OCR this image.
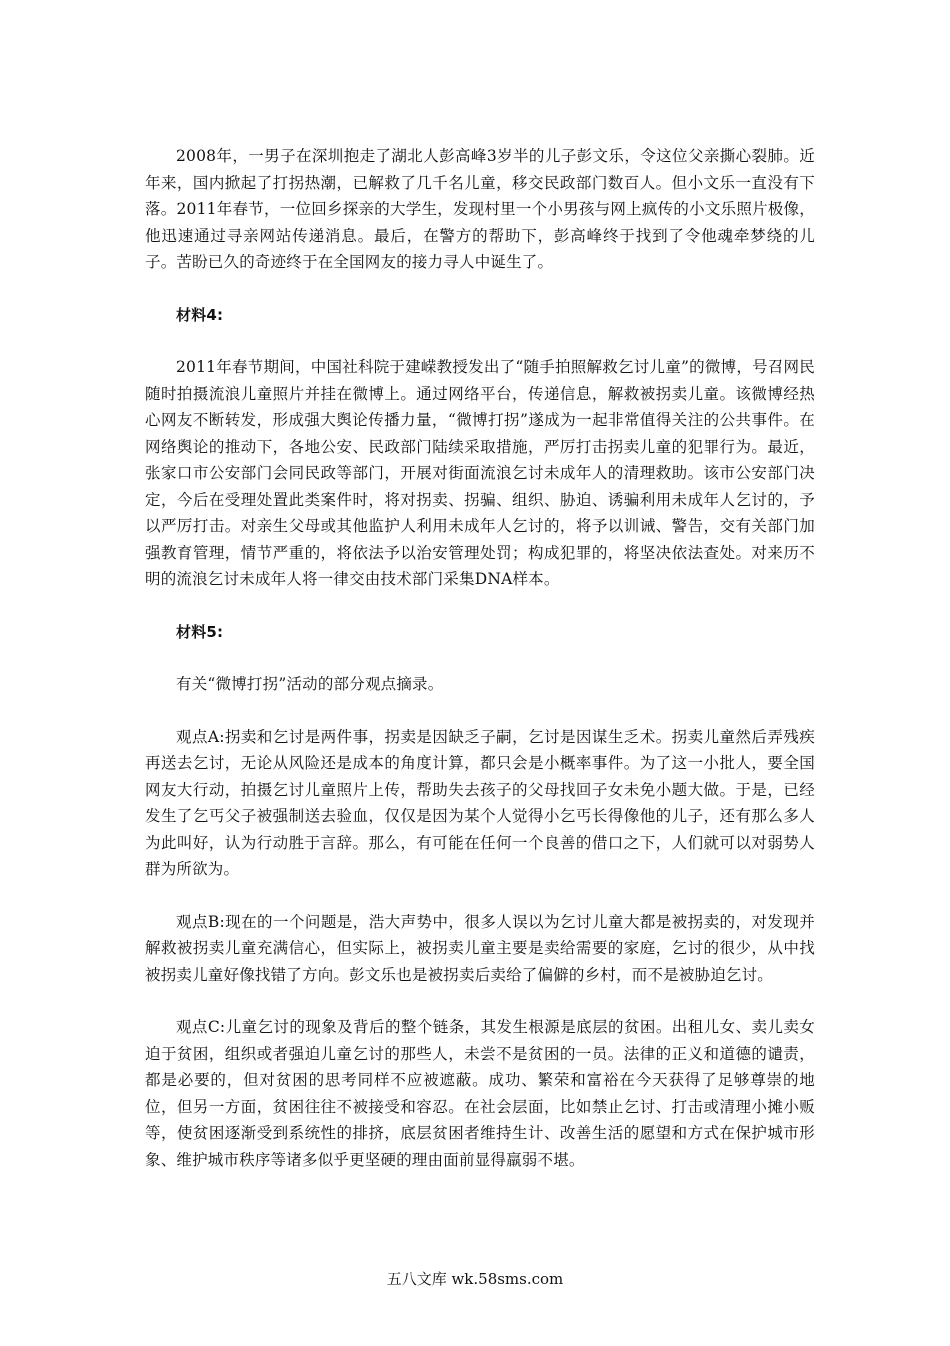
2008年，一男子在深圳抱走了湖北人彭高峰3岁半的儿子彭文乐，令这位父亲撕心裂肺。近年来，国内掀起了打拐热潮，已解救了几千名儿童，移交民政部门数百人。但小文乐一直没有下落。2011年春节，一位回乡探亲的大学生，发现村里一个小男孩与网上疯传的小文乐照片极像，他迅速通过寻亲网站传递消息。最后，在警方的帮助下，彭高峰终于找到了令他魂牵梦绕的儿子。苦盼已久的奇迹终于在全国网友的接力寻人中诞生了。

材料4:

2011年春节期间，中国社科院于建嵘教授发出了“随手拍照解救乞讨儿童”的微博，号召网民随时拍摄流浪儿童照片并挂在微博上。通过网络平台，传递信息，解救被拐卖儿童。该微博经热心网友不断转发，形成强大舆论传播力量，“微博打拐”遂成为一起非常值得关注的公共事件。在网络舆论的推动下，各地公安、民政部门陆续采取措施，严厉打击拐卖儿童的犯罪行为。最近，张家口市公安部门会同民政等部门，开展对街面流浪乞讨未成年人的清理救助。该市公安部门决定，今后在受理处置此类案件时，将对拐卖、拐骗、组织、胁迫、诱骗利用未成年人乞讨的，予以严厉打击。对亲生父母或其他监护人利用未成年人乞讨的，将予以训诫、警告，交有关部门加强教育管理，情节严重的，将依法予以治安管理处罚；构成犯罪的，将坚决依法查处。对来历不明的流浪乞讨未成年人将一律交由技术部门采集DNA样本。

材料5:

有关“微博打拐”活动的部分观点摘录。

观点A:拐卖和乞讨是两件事，拐卖是因缺乏子嗣，乞讨是因谋生乏术。拐卖儿童然后弄残疾再送去乞讨，无论从风险还是成本的角度计算，都只会是小概率事件。为了这一小批人，要全国网友大行动，拍摄乞讨儿童照片上传，帮助失去孩子的父母找回子女未免小题大做。于是，已经发生了乞丐父子被强制送去验血，仅仅是因为某个人觉得小乞丐长得像他的儿子，还有那么多人为此叫好，认为行动胜于言辞。那么，有可能在任何一个良善的借口之下，人们就可以对弱势人群为所欲为。

观点B:现在的一个问题是，浩大声势中，很多人误以为乞讨儿童大都是被拐卖的，对发现并解救被拐卖儿童充满信心，但实际上，被拐卖儿童主要是卖给需要的家庭，乞讨的很少，从中找被拐卖儿童好像找错了方向。彭文乐也是被拐卖后卖给了偏僻的乡村，而不是被胁迫乞讨。

观点C:儿童乞讨的现象及背后的整个链条，其发生根源是底层的贫困。出租儿女、卖儿卖女迫于贫困，组织或者强迫儿童乞讨的那些人，未尝不是贫困的一员。法律的正义和道德的谴责，都是必要的，但对贫困的思考同样不应被遮蔽。成功、繁荣和富裕在今天获得了足够尊崇的地位，但另一方面，贫困往往不被接受和容忍。在社会层面，比如禁止乞讨、打击或清理小摊小贩等，使贫困逐渐受到系统性的排挤，底层贫困者维持生计、改善生活的愿望和方式在保护城市形象、维护城市秩序等诸多似乎更坚硬的理由面前显得羸弱不堪。

五八文库 wk.58sms.com
